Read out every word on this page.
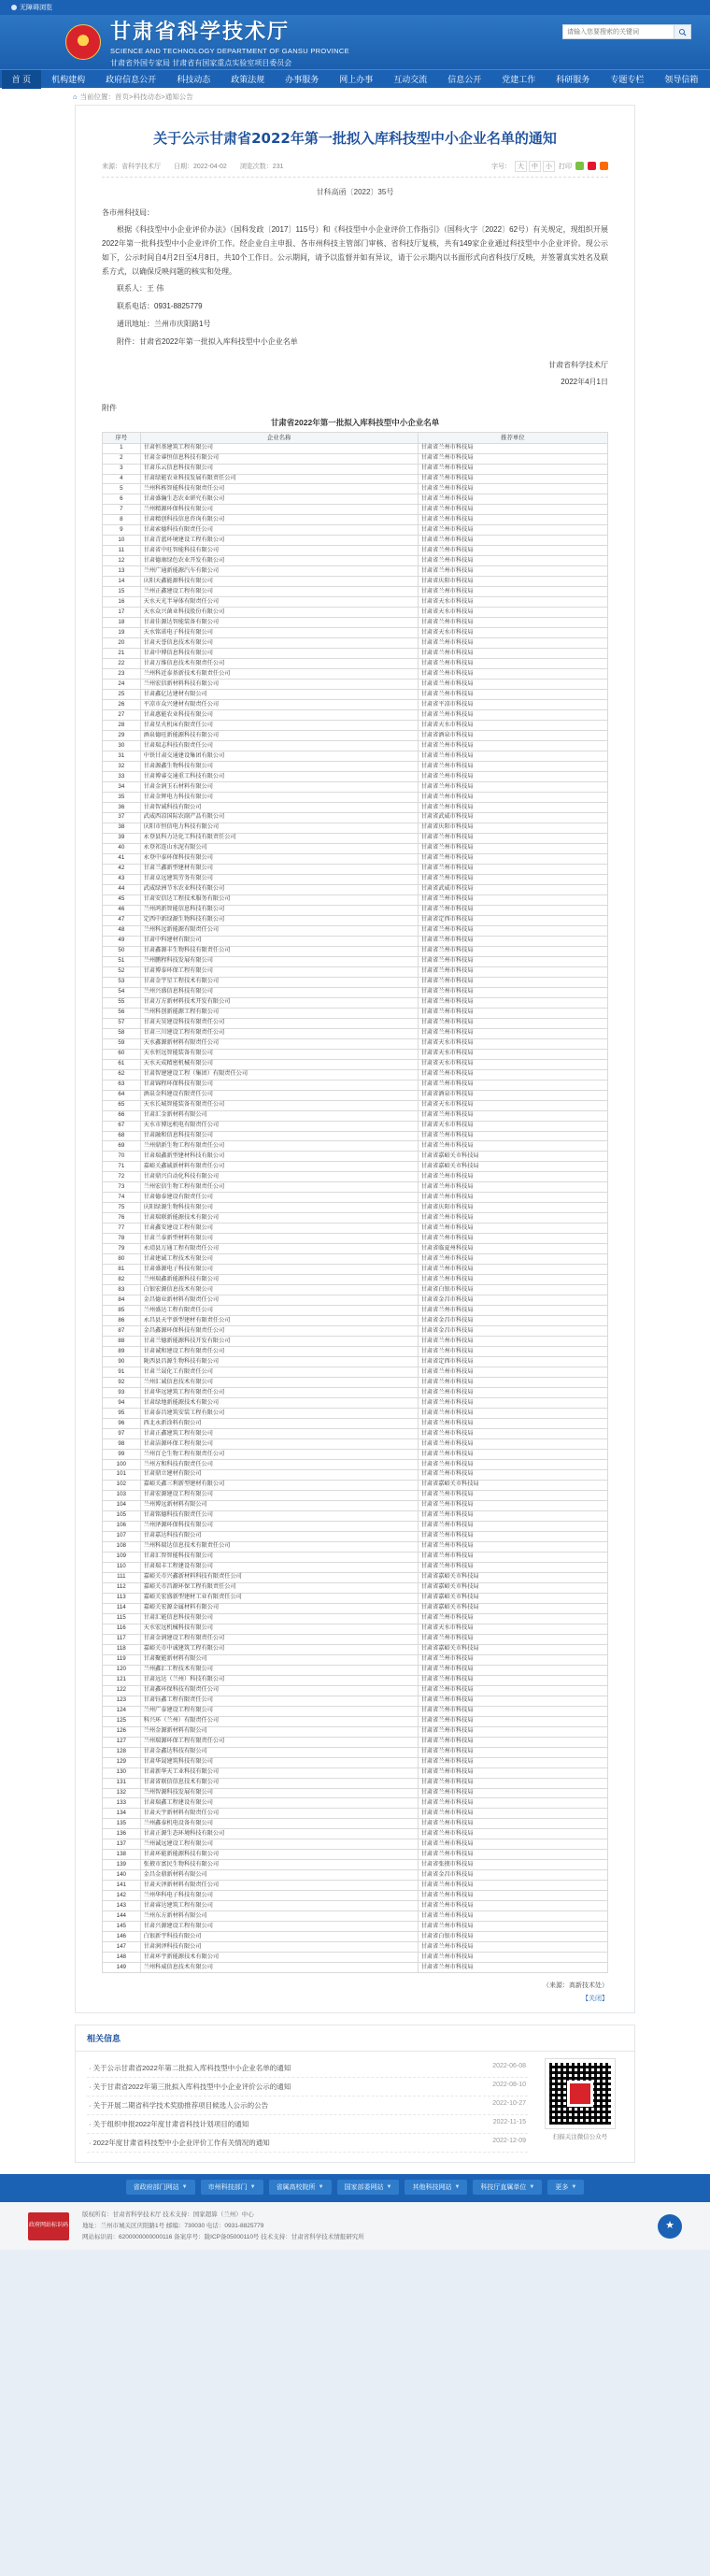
无障碍浏览
★
甘肃省科学技术厅
SCIENCE AND TECHNOLOGY DEPARTMENT OF GANSU PROVINCE
甘肃省外国专家局 甘肃省有国家重点实验室项目委员会
请输入您要搜索的关键词
首 页	机构建构	政府信息公开	科技动态	政策法规	办事服务	网上办事	互动交流	信息公开	党建工作	科研服务	专题专栏	领导信箱
⌂ 当前位置：首页>科技动态>通知公告
关于公示甘肃省2022年第一批拟入库科技型中小企业名单的通知
来源：省科学技术厅 日期：2022-04-02 浏览次数：231	字号：	大	中	小	打印
甘科高函〔2022〕35号

各市州科技局：

根据《科技型中小企业评价办法》（国科发政〔2017〕115号）和《科技型中小企业评价工作指引》（国科火字〔2022〕62号）有关规定，现组织开展2022年第一批科技型中小企业评价工作。经企业自主申报、各市州科技主管部门审核、省科技厅复核，共有149家企业通过科技型中小企业评价。现公示如下，公示时间自4月2日至4月8日，共10个工作日。公示期间，请予以监督并如有异议，请于公示期内以书面形式向省科技厅反映，并签署真实姓名及联系方式，以确保反映问题的核实和处理。

联系人：王 伟

联系电话：0931-8825779

通讯地址：兰州市庆阳路1号

附件：甘肃省2022年第一批拟入库科技型中小企业名单

甘肃省科学技术厅

2022年4月1日

附件
甘肃省2022年第一批拟入库科技型中小企业名单
序号	企业名称	推荐单位
1	甘肃恒基建筑工程有限公司	甘肃省兰州市科技局
2	甘肃金睿恒信息科技有限公司	甘肃省兰州市科技局
3	甘肃乐云信息科技有限公司	甘肃省兰州市科技局
4	甘肃绿能农业科技发展有限责任公司	甘肃省兰州市科技局
5	兰州科栋智能科技有限责任公司	甘肃省兰州市科技局
6	甘肃盛瀚生态农业研究有限公司	甘肃省兰州市科技局
7	兰州精源环保科技有限公司	甘肃省兰州市科技局
8	甘肃精创科技信息咨询有限公司	甘肃省兰州市科技局
9	甘肃索德科技有限责任公司	甘肃省兰州市科技局
10	甘肃青蓝环境建设工程有限公司	甘肃省兰州市科技局
11	甘肃省中旺智能科技有限公司	甘肃省兰州市科技局
12	甘肃德康绿色农业开发有限公司	甘肃省兰州市科技局
13	兰州广通新能源汽车有限公司	甘肃省兰州市科技局
14	庆阳天鑫能源科技有限公司	甘肃省庆阳市科技局
15	兰州正鑫建设工程有限公司	甘肃省兰州市科技局
16	天水天光半导体有限责任公司	甘肃省天水市科技局
17	天水众兴菌业科技股份有限公司	甘肃省天水市科技局
18	甘肃佳源达智能装备有限公司	甘肃省兰州市科技局
19	天水铭诺电子科技有限公司	甘肃省天水市科技局
20	甘肃天誉信息技术有限公司	甘肃省兰州市科技局
21	甘肃中博信息科技有限公司	甘肃省兰州市科技局
22	甘肃万维信息技术有限责任公司	甘肃省兰州市科技局
23	兰州科近泰基新技术有限责任公司	甘肃省兰州市科技局
24	兰州宏信新材料科技有限公司	甘肃省兰州市科技局
25	甘肃鑫亿达建材有限公司	甘肃省兰州市科技局
26	平凉市众兴建材有限责任公司	甘肃省平凉市科技局
27	甘肃惠能农业科技有限公司	甘肃省兰州市科技局
28	甘肃星火机床有限责任公司	甘肃省天水市科技局
29	酒泉德旺新能源科技有限公司	甘肃省酒泉市科技局
30	甘肃瑞志科技有限责任公司	甘肃省兰州市科技局
31	中铁甘肃交通建设集团有限公司	甘肃省兰州市科技局
32	甘肃源鑫生物科技有限公司	甘肃省兰州市科技局
33	甘肃博睿交通重工科技有限公司	甘肃省兰州市科技局
34	甘肃金润玉石材料有限公司	甘肃省兰州市科技局
35	甘肃金辉电力科技有限公司	甘肃省兰州市科技局
36	甘肃智诚科技有限公司	甘肃省兰州市科技局
37	武威西凉国际农副产品有限公司	甘肃省武威市科技局
38	庆阳市恒信电力科技有限公司	甘肃省庆阳市科技局
39	永登县科力达化工科技有限责任公司	甘肃省兰州市科技局
40	永登祁连山水泥有限公司	甘肃省兰州市科技局
41	永登中泰环保科技有限公司	甘肃省兰州市科技局
42	甘肃兰鑫新型建材有限公司	甘肃省兰州市科技局
43	甘肃卓远建筑劳务有限公司	甘肃省兰州市科技局
44	武威绿洲节水农业科技有限公司	甘肃省武威市科技局
45	甘肃安信达工程技术服务有限公司	甘肃省兰州市科技局
46	兰州鸿新智能信息科技有限公司	甘肃省兰州市科技局
47	定西中新绿源生物科技有限公司	甘肃省定西市科技局
48	兰州科远新能源有限责任公司	甘肃省兰州市科技局
49	甘肃中科建材有限公司	甘肃省兰州市科技局
50	甘肃鑫源丰生物科技有限责任公司	甘肃省兰州市科技局
51	兰州鹏程科技发展有限公司	甘肃省兰州市科技局
52	甘肃博泰环保工程有限公司	甘肃省兰州市科技局
53	甘肃金宇星工程技术有限公司	甘肃省兰州市科技局
54	兰州兴盛信息科技有限公司	甘肃省兰州市科技局
55	甘肃万方新材料技术开发有限公司	甘肃省兰州市科技局
56	兰州科创新能源工程有限公司	甘肃省兰州市科技局
57	甘肃天昊建设科技有限责任公司	甘肃省兰州市科技局
58	甘肃三川建设工程有限责任公司	甘肃省兰州市科技局
59	天水鑫源新材料有限责任公司	甘肃省天水市科技局
60	天水恒远智能装备有限公司	甘肃省天水市科技局
61	天水天成精密机械有限公司	甘肃省天水市科技局
62	甘肃智建建设工程（集团）有限责任公司	甘肃省兰州市科技局
63	甘肃锦程环保科技有限公司	甘肃省兰州市科技局
64	酒泉金科建设有限责任公司	甘肃省酒泉市科技局
65	天水长城智能装备有限责任公司	甘肃省天水市科技局
66	甘肃汇金新材料有限公司	甘肃省兰州市科技局
67	天水市博远机电有限责任公司	甘肃省天水市科技局
68	甘肃融和信息科技有限公司	甘肃省兰州市科技局
69	兰州鼎新生物工程有限责任公司	甘肃省兰州市科技局
70	甘肃瑞鑫新型建材科技有限公司	甘肃省嘉峪关市科技局
71	嘉峪关鑫诚新材料有限责任公司	甘肃省嘉峪关市科技局
72	甘肃鼎兴自动化科技有限公司	甘肃省兰州市科技局
73	兰州宏信生物工程有限责任公司	甘肃省兰州市科技局
74	甘肃德泰建设有限责任公司	甘肃省兰州市科技局
75	庆阳绿源生物科技有限公司	甘肃省庆阳市科技局
76	甘肃瑞联新能源技术有限公司	甘肃省兰州市科技局
77	甘肃鑫安建设工程有限公司	甘肃省兰州市科技局
78	甘肃兰泰新型材料有限公司	甘肃省兰州市科技局
79	永靖县万通工程有限责任公司	甘肃省临夏州科技局
80	甘肃建诚工程技术有限公司	甘肃省兰州市科技局
81	甘肃盛源电子科技有限公司	甘肃省兰州市科技局
82	兰州瑞鑫新能源科技有限公司	甘肃省兰州市科技局
83	白银宏源信息技术有限公司	甘肃省白银市科技局
84	金昌德业新材料有限责任公司	甘肃省金昌市科技局
85	兰州盛达工程有限责任公司	甘肃省兰州市科技局
86	永昌县天宇新型建材有限责任公司	甘肃省金昌市科技局
87	金昌鑫源环保科技有限责任公司	甘肃省金昌市科技局
88	甘肃兰德新能源科技开发有限公司	甘肃省兰州市科技局
89	甘肃诚和建设工程有限责任公司	甘肃省兰州市科技局
90	陇西县昌源生物科技有限公司	甘肃省定西市科技局
91	甘肃兰晟化工有限责任公司	甘肃省兰州市科技局
92	兰州汇诚信息技术有限公司	甘肃省兰州市科技局
93	甘肃华远建筑工程有限责任公司	甘肃省兰州市科技局
94	甘肃绿地新能源技术有限公司	甘肃省兰州市科技局
95	甘肃泰昌建筑安装工程有限公司	甘肃省兰州市科技局
96	西北永新涂料有限公司	甘肃省兰州市科技局
97	甘肃正鑫建筑工程有限公司	甘肃省兰州市科技局
98	甘肃洁源环保工程有限公司	甘肃省兰州市科技局
99	兰州百仑生物工程有限责任公司	甘肃省兰州市科技局
100	兰州方和科技有限责任公司	甘肃省兰州市科技局
101	甘肃鼎立建材有限公司	甘肃省兰州市科技局
102	嘉峪关鑫三利新型建材有限公司	甘肃省嘉峪关市科技局
103	甘肃宏源建设工程有限公司	甘肃省兰州市科技局
104	兰州博远新材料有限公司	甘肃省兰州市科技局
105	甘肃铭德科技有限责任公司	甘肃省兰州市科技局
106	兰州泽源环保科技有限公司	甘肃省兰州市科技局
107	甘肃嘉达科技有限公司	甘肃省兰州市科技局
108	兰州科瑞达信息技术有限责任公司	甘肃省兰州市科技局
109	甘肃汇智智能科技有限公司	甘肃省兰州市科技局
110	甘肃瑞丰工程建设有限公司	甘肃省兰州市科技局
111	嘉峪关市兴鑫新材料科技有限责任公司	甘肃省嘉峪关市科技局
112	嘉峪关市昌源环保工程有限责任公司	甘肃省嘉峪关市科技局
113	嘉峪关宏盛新型建材工业有限责任公司	甘肃省嘉峪关市科技局
114	嘉峪关宏源金属材料有限公司	甘肃省嘉峪关市科技局
115	甘肃汇能信息科技有限公司	甘肃省兰州市科技局
116	天水宏远机械科技有限公司	甘肃省天水市科技局
117	甘肃金润建设工程有限责任公司	甘肃省兰州市科技局
118	嘉峪关市中诚建筑工程有限公司	甘肃省嘉峪关市科技局
119	甘肃聚能新材料有限公司	甘肃省兰州市科技局
120	兰州鑫汇工程技术有限公司	甘肃省兰州市科技局
121	甘肃远达（兰州）科技有限公司	甘肃省兰州市科技局
122	甘肃鑫环保科技有限责任公司	甘肃省兰州市科技局
123	甘肃钰鑫工程有限责任公司	甘肃省兰州市科技局
124	兰州广泰建设工程有限公司	甘肃省兰州市科技局
125	科兴环（兰州）有限责任公司	甘肃省兰州市科技局
126	兰州金源新材料有限公司	甘肃省兰州市科技局
127	兰州瑞源环保工程有限责任公司	甘肃省兰州市科技局
128	甘肃金鑫达科技有限公司	甘肃省兰州市科技局
129	甘肃华晟建筑科技有限公司	甘肃省兰州市科技局
130	甘肃新华天工业科技有限公司	甘肃省兰州市科技局
131	甘肃省联信信息技术有限公司	甘肃省兰州市科技局
132	兰州智源科技发展有限公司	甘肃省兰州市科技局
133	甘肃瑞鑫工程建设有限公司	甘肃省兰州市科技局
134	甘肃天宇新材料有限责任公司	甘肃省兰州市科技局
135	兰州鑫泰机电设备有限公司	甘肃省兰州市科技局
136	甘肃正源生态环境科技有限公司	甘肃省兰州市科技局
137	兰州诚远建设工程有限公司	甘肃省兰州市科技局
138	甘肃环能新能源科技有限公司	甘肃省兰州市科技局
139	张掖市富民生物科技有限公司	甘肃省张掖市科技局
140	金昌金鼎新材料有限公司	甘肃省金昌市科技局
141	甘肃天泽新材料有限责任公司	甘肃省兰州市科技局
142	兰州华科电子科技有限公司	甘肃省兰州市科技局
143	甘肃睿达建筑工程有限公司	甘肃省兰州市科技局
144	兰州东方新材料有限公司	甘肃省兰州市科技局
145	甘肃兴源建设工程有限公司	甘肃省兰州市科技局
146	白银新宇科技有限公司	甘肃省白银市科技局
147	甘肃润泽科技有限公司	甘肃省兰州市科技局
148	甘肃环宇新能源技术有限公司	甘肃省兰州市科技局
149	兰州科威信息技术有限公司	甘肃省兰州市科技局
（来源：高新技术处）
【关闭】
相关信息
· 关于公示甘肃省2022年第二批拟入库科技型中小企业名单的通知	2022-06-08
· 关于甘肃省2022年第三批拟入库科技型中小企业评价公示的通知	2022-08-10
· 关于开展二期省科学技术奖励推荐项目候选人公示的公告	2022-10-27
· 关于组织申报2022年度甘肃省科技计划项目的通知	2022-11-15
· 2022年度甘肃省科技型中小企业评价工作有关情况的通知	2022-12-09
扫描关注微信公众号
省政府部门网站 ▼	市州科技部门 ▼	省属高校院所 ▼	国家部委网站 ▼	其他科技网站 ▼	科技厅直属单位 ▼	更多 ▼
政府网站标识码
版权所有：甘肃省科学技术厅 技术支持：国家超算（兰州）中心
地址：兰州市城关区庆阳路1号 邮编：730030 电话：0931-8825779
网站标识码：6200000000000116 备案序号：陇ICP备05000110号 技术支持：甘肃省科学技术情报研究所
★
